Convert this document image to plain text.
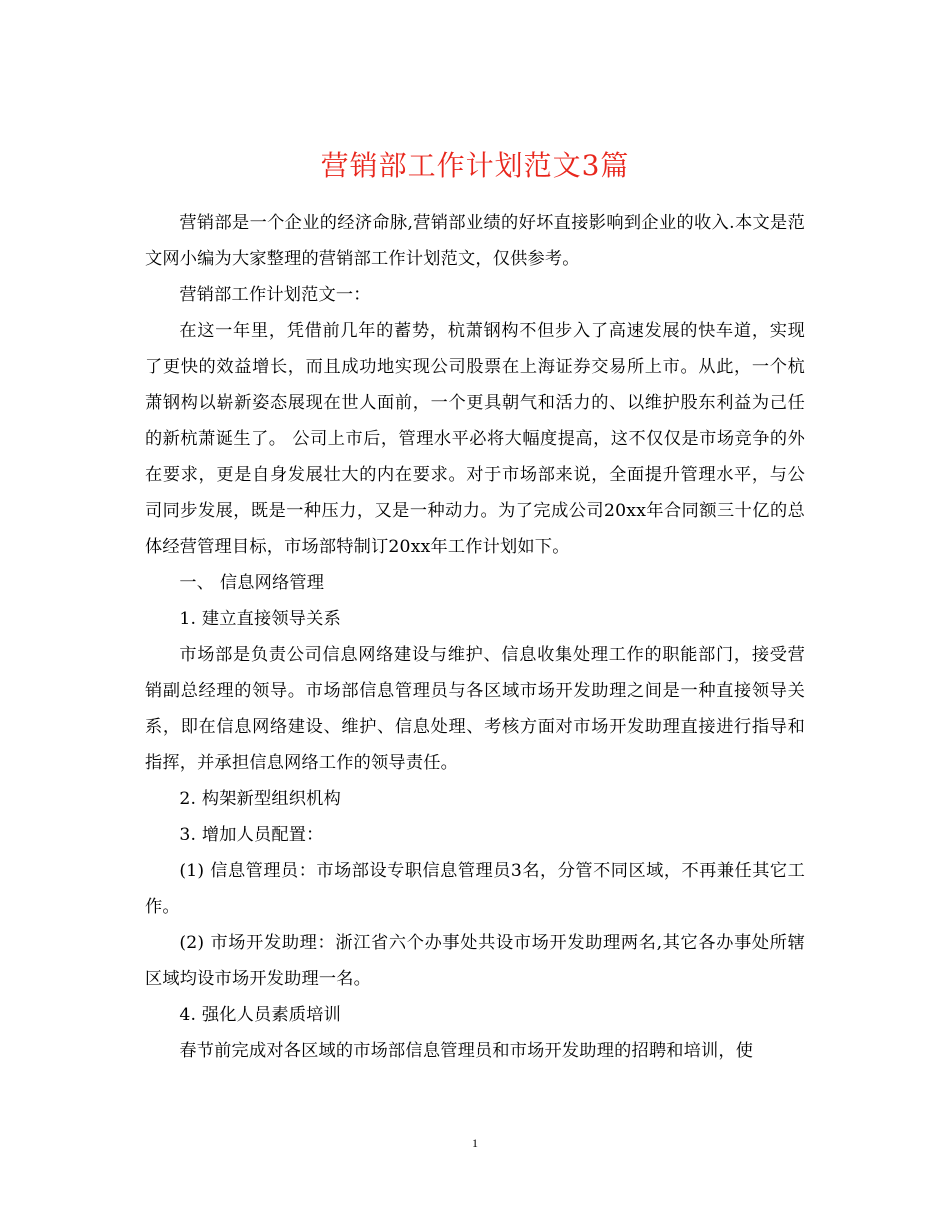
营销部工作计划范文3篇

营销部是一个企业的经济命脉,营销部业绩的好坏直接影响到企业的收入.本文是范文网小编为大家整理的营销部工作计划范文，仅供参考。

营销部工作计划范文一：

在这一年里，凭借前几年的蓄势，杭萧钢构不但步入了高速发展的快车道，实现了更快的效益增长，而且成功地实现公司股票在上海证券交易所上市。从此，一个杭萧钢构以崭新姿态展现在世人面前，一个更具朝气和活力的、以维护股东利益为己任的新杭萧诞生了。 公司上市后，管理水平必将大幅度提高，这不仅仅是市场竞争的外在要求，更是自身发展壮大的内在要求。对于市场部来说，全面提升管理水平，与公司同步发展，既是一种压力，又是一种动力。为了完成公司20xx年合同额三十亿的总体经营管理目标，市场部特制订20xx年工作计划如下。

一、 信息网络管理

1. 建立直接领导关系

市场部是负责公司信息网络建设与维护、信息收集处理工作的职能部门，接受营销副总经理的领导。市场部信息管理员与各区域市场开发助理之间是一种直接领导关系，即在信息网络建设、维护、信息处理、考核方面对市场开发助理直接进行指导和指挥，并承担信息网络工作的领导责任。

2. 构架新型组织机构

3. 增加人员配置：

(1) 信息管理员：市场部设专职信息管理员3名，分管不同区域，不再兼任其它工作。

(2) 市场开发助理：浙江省六个办事处共设市场开发助理两名,其它各办事处所辖区域均设市场开发助理一名。

4. 强化人员素质培训

春节前完成对各区域的市场部信息管理员和市场开发助理的招聘和培训，使

1
